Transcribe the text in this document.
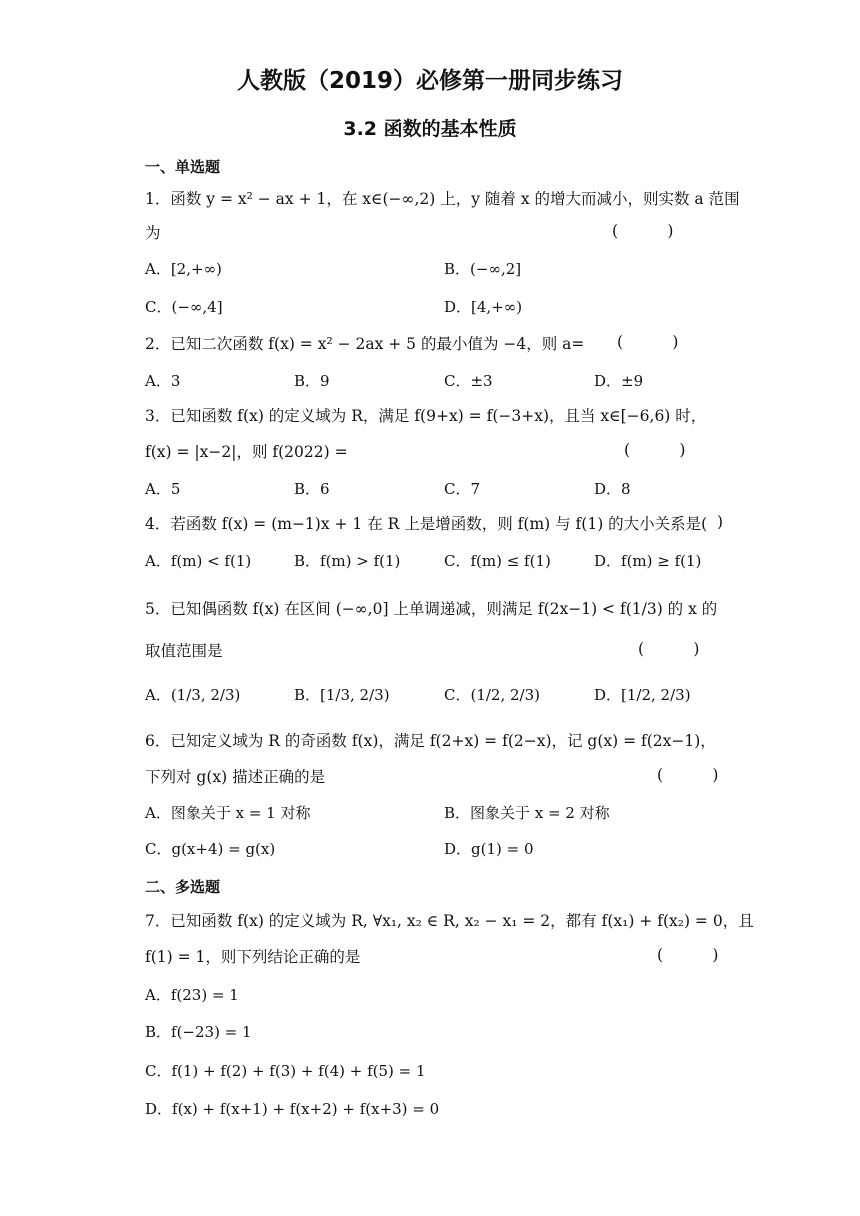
人教版（2019）必修第一册同步练习
3.2 函数的基本性质
一、单选题
1．函数 y = x² − ax + 1，在 x∈(−∞,2) 上，y 随着 x 的增大而减小，则实数 a 范围
为	(          )
A．[2,+∞)	B．(−∞,2]
C．(−∞,4]	D．[4,+∞)
2．已知二次函数 f(x) = x² − 2ax + 5 的最小值为 −4，则 a= (          )
A．3	B．9	C．±3	D．±9
3．已知函数 f(x) 的定义域为 R，满足 f(9+x) = f(−3+x)，且当 x∈[−6,6) 时，
f(x) = |x−2|，则 f(2022) =	(          )
A．5	B．6	C．7	D．8
4．若函数 f(x) = (m−1)x + 1 在 R 上是增函数，则 f(m) 与 f(1) 的大小关系是( )
A．f(m) < f(1)	B．f(m) > f(1)	C．f(m) ≤ f(1)	D．f(m) ≥ f(1)
5．已知偶函数 f(x) 在区间 (−∞,0] 上单调递减，则满足 f(2x−1) < f(1/3) 的 x 的
取值范围是	(          )
A．(1/3, 2/3)	B．[1/3, 2/3)	C．(1/2, 2/3)	D．[1/2, 2/3)
6．已知定义域为 R 的奇函数 f(x)，满足 f(2+x) = f(2−x)，记 g(x) = f(2x−1)，
下列对 g(x) 描述正确的是	(          )
A．图象关于 x = 1 对称	B．图象关于 x = 2 对称
C．g(x+4) = g(x)	D．g(1) = 0
二、多选题
7．已知函数 f(x) 的定义域为 R, ∀x₁, x₂ ∈ R, x₂ − x₁ = 2，都有 f(x₁) + f(x₂) = 0，且
f(1) = 1，则下列结论正确的是	(          )
A．f(23) = 1
B．f(−23) = 1
C．f(1) + f(2) + f(3) + f(4) + f(5) = 1
D．f(x) + f(x+1) + f(x+2) + f(x+3) = 0
